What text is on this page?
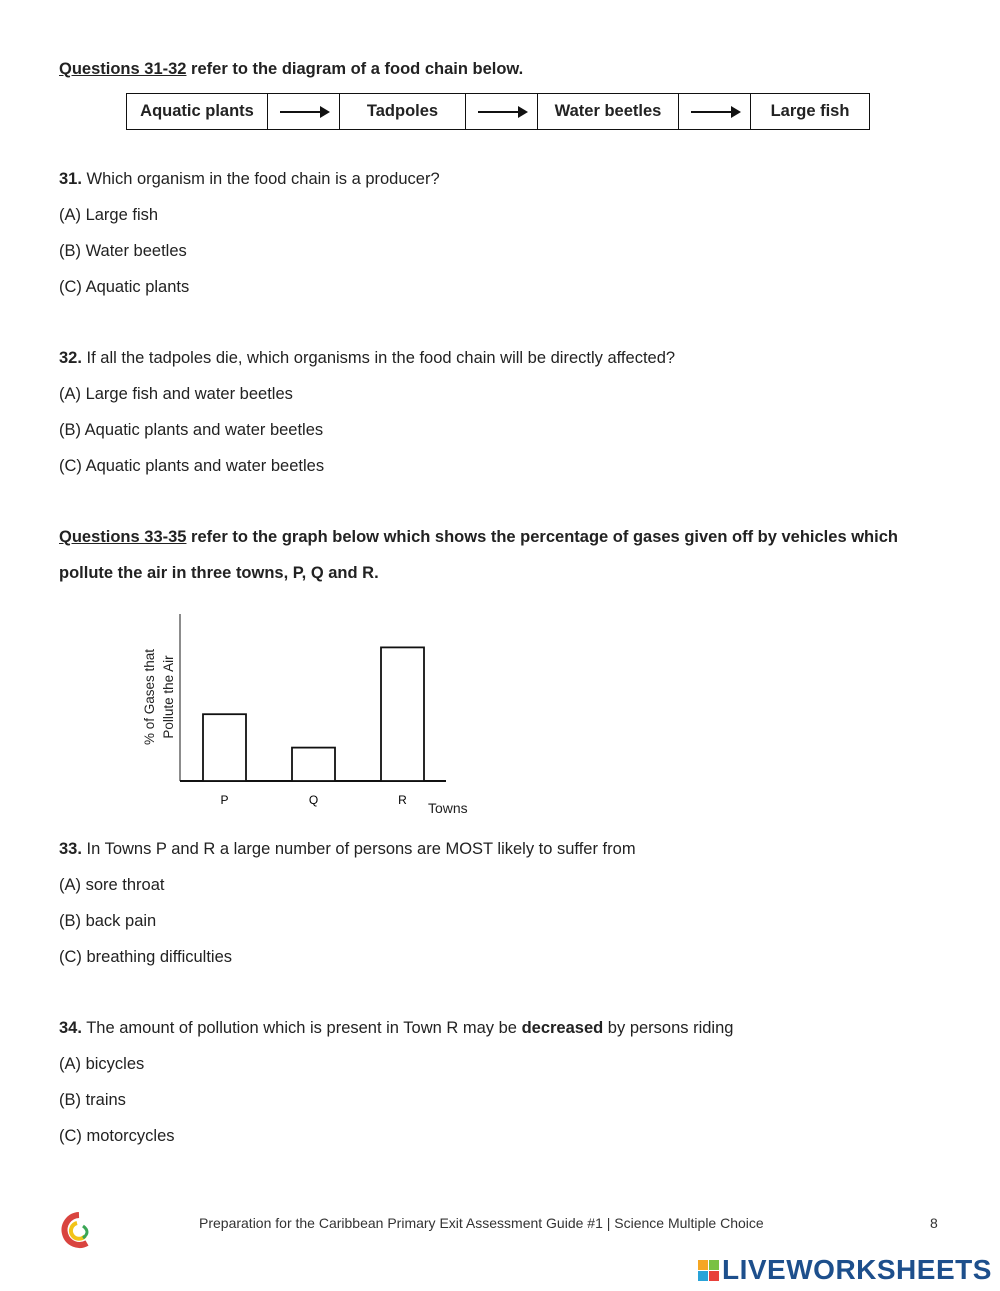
Questions 31-32 refer to the diagram of a food chain below.
Aquatic plants	Tadpoles	Water beetles	Large fish
31. Which organism in the food chain is a producer?
(A) Large fish
(B) Water beetles
(C) Aquatic plants
32. If all the tadpoles die, which organisms in the food chain will be directly affected?
(A) Large fish and water beetles
(B) Aquatic plants and water beetles
(C) Aquatic plants and water beetles
Questions 33-35 refer to the graph below which shows the percentage of gases given off by vehicles which
pollute the air in three towns, P, Q and R.
P	Q	R Towns
% of Gases that Pollute the Air
33. In Towns P and R a large number of persons are MOST likely to suffer from
(A) sore throat
(B) back pain
(C) breathing difficulties
34. The amount of pollution which is present in Town R may be decreased by persons riding
(A) bicycles
(B) trains
(C) motorcycles
Preparation for the Caribbean Primary Exit Assessment Guide #1 | Science Multiple Choice	8
LIVEWORKSHEETS
